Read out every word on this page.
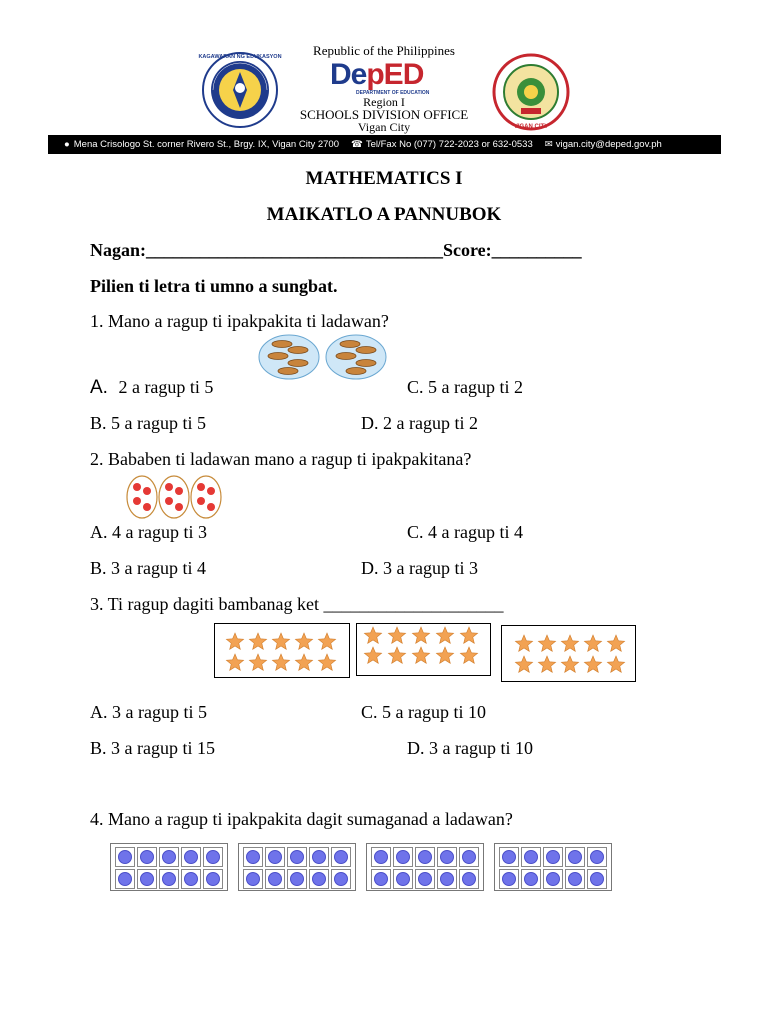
Republic of the Philippines
KAGAWARAN NG EDUKASYON
DepED
DEPARTMENT OF EDUCATION
Region I
SCHOOLS DIVISION OFFICE
Vigan City	VIGAN CITY
● Mena Crisologo St. corner Rivero St., Brgy. IX, Vigan City 2700 ☎ Tel/Fax No (077) 722-2023 or 632-0533 ✉ vigan.city@deped.gov.ph
MATHEMATICS I
MAIKATLO A PANNUBOK
Nagan:_________________________________Score:__________
Pilien ti letra ti umno a sungbat.
1. Mano a ragup ti ipakpakita ti ladawan?
A. 2 a ragup ti 5	C. 5 a ragup ti 2
B. 5 a ragup ti 5	D. 2 a ragup ti 2
2. Bababen ti ladawan mano a ragup ti ipakpakitana?
A. 4 a ragup ti 3	C. 4 a ragup ti 4
B. 3 a ragup ti 4	D. 3 a ragup ti 3
3. Ti ragup dagiti bambanag ket ____________________
A. 3 a ragup ti 5	C. 5 a ragup ti 10
B. 3 a ragup ti 15	D. 3 a ragup ti 10
4. Mano a ragup ti ipakpakita dagit sumaganad a ladawan?
